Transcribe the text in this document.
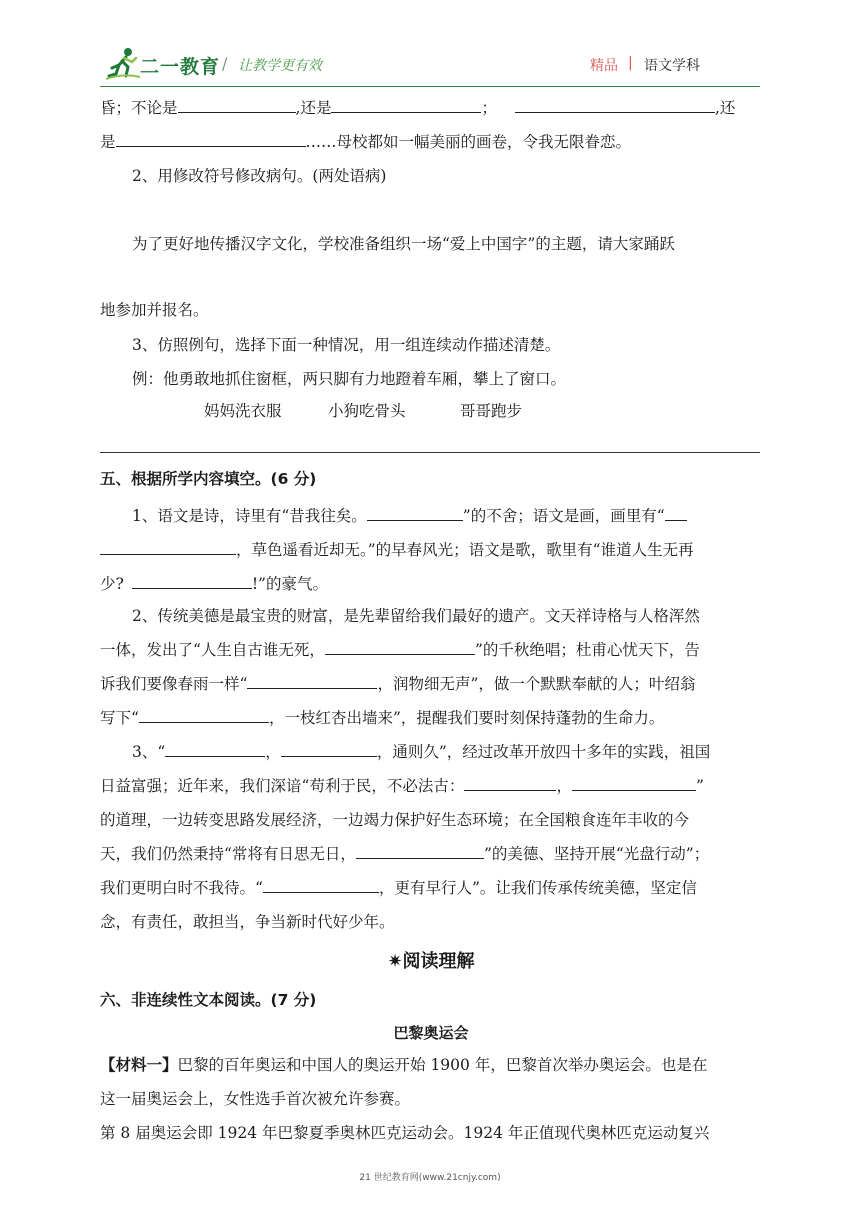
二一教育 / 让教学更有效	精品 | 语文学科
昏；不论是	,还是	；	,还
是	……母校都如一幅美丽的画卷，令我无限眷恋。
2、用修改符号修改病句。(两处语病)
为了更好地传播汉字文化，学校准备组织一场“爱上中国字”的主题，请大家踊跃
地参加并报名。
3、仿照例句，选择下面一种情况，用一组连续动作描述清楚。
例：他勇敢地抓住窗框，两只脚有力地蹬着车厢，攀上了窗口。
妈妈洗衣服	小狗吃骨头	哥哥跑步
五、根据所学内容填空。(6 分)
1、语文是诗，诗里有“昔我往矣。	”的不舍；语文是画，画里有“
，草色遥看近却无。”的早春风光；语文是歌，歌里有“谁道人生无再
少?	!”的豪气。
2、传统美德是最宝贵的财富，是先辈留给我们最好的遗产。文天祥诗格与人格浑然
一体，发出了“人生自古谁无死，	”的千秋绝唱；杜甫心忧天下，告
诉我们要像春雨一样“	，润物细无声”，做一个默默奉献的人；叶绍翁
写下“	，一枝红杏出墙来”，提醒我们要时刻保持蓬勃的生命力。
3、“	，	，通则久”，经过改革开放四十多年的实践，祖国
日益富强；近年来，我们深谙“苟利于民，不必法古：	，	”
的道理，一边转变思路发展经济，一边竭力保护好生态环境；在全国粮食连年丰收的今
天，我们仍然秉持“常将有日思无日，	”的美德、坚持开展“光盘行动”；
我们更明白时不我待。“	，更有早行人”。让我们传承传统美德，坚定信
念，有责任，敢担当，争当新时代好少年。
✷阅读理解
六、非连续性文本阅读。(7 分)
巴黎奥运会
【材料一】巴黎的百年奥运和中国人的奥运开始 1900 年，巴黎首次举办奥运会。也是在
这一届奥运会上，女性选手首次被允许参赛。
第 8 届奥运会即 1924 年巴黎夏季奥林匹克运动会。1924 年正值现代奥林匹克运动复兴
21 世纪教育网(www.21cnjy.com)
